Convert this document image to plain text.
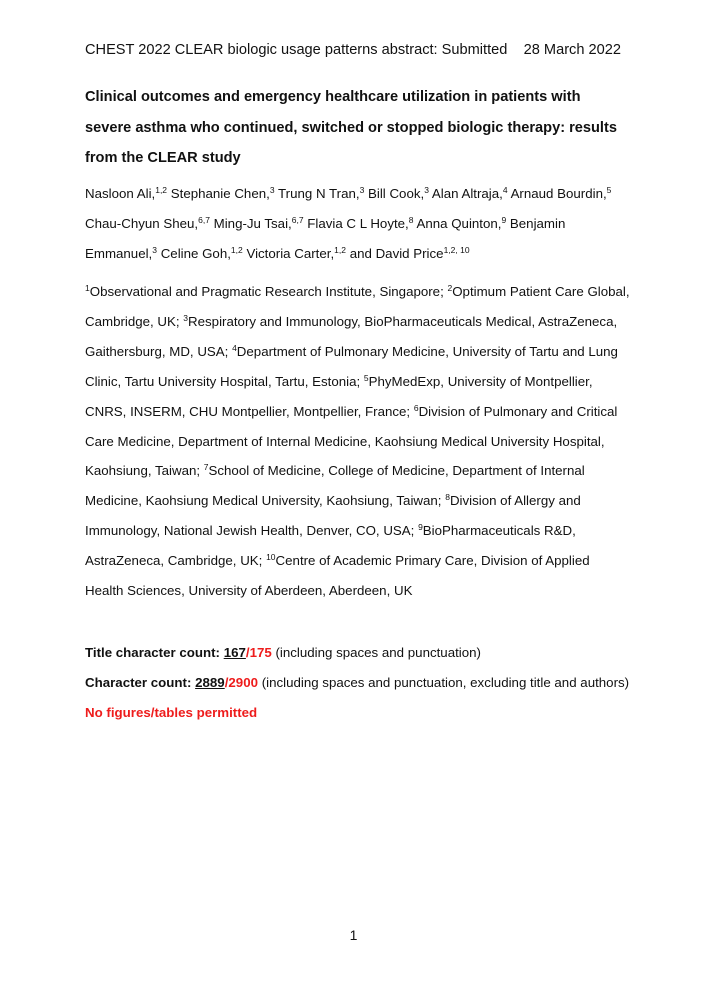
CHEST 2022 CLEAR biologic usage patterns abstract: Submitted 28 March 2022
Clinical outcomes and emergency healthcare utilization in patients with severe asthma who continued, switched or stopped biologic therapy: results from the CLEAR study
Nasloon Ali,$^{1,2}$ Stephanie Chen,$^3$ Trung N Tran,$^3$ Bill Cook,$^3$ Alan Altraja,$^4$ Arnaud Bourdin,$^5$ Chau-Chyun Sheu,$^{6,7}$ Ming-Ju Tsai,$^{6,7}$ Flavia C L Hoyte,$^8$ Anna Quinton,$^9$ Benjamin Emmanuel,$^3$ Celine Goh,$^{1,2}$ Victoria Carter,$^{1,2}$ and David Price$^{1,2, 10}$
$^1$Observational and Pragmatic Research Institute, Singapore; $^2$Optimum Patient Care Global, Cambridge, UK; $^3$Respiratory and Immunology, BioPharmaceuticals Medical, AstraZeneca, Gaithersburg, MD, USA; $^4$Department of Pulmonary Medicine, University of Tartu and Lung Clinic, Tartu University Hospital, Tartu, Estonia; $^5$PhyMedExp, University of Montpellier, CNRS, INSERM, CHU Montpellier, Montpellier, France; $^6$Division of Pulmonary and Critical Care Medicine, Department of Internal Medicine, Kaohsiung Medical University Hospital, Kaohsiung, Taiwan; $^7$School of Medicine, College of Medicine, Department of Internal Medicine, Kaohsiung Medical University, Kaohsiung, Taiwan; $^8$Division of Allergy and Immunology, National Jewish Health, Denver, CO, USA; $^9$BioPharmaceuticals R&D, AstraZeneca, Cambridge, UK; $^{10}$Centre of Academic Primary Care, Division of Applied Health Sciences, University of Aberdeen, Aberdeen, UK
Title character count: 167/175 (including spaces and punctuation)
Character count: 2889/2900 (including spaces and punctuation, excluding title and authors)
No figures/tables permitted
1
